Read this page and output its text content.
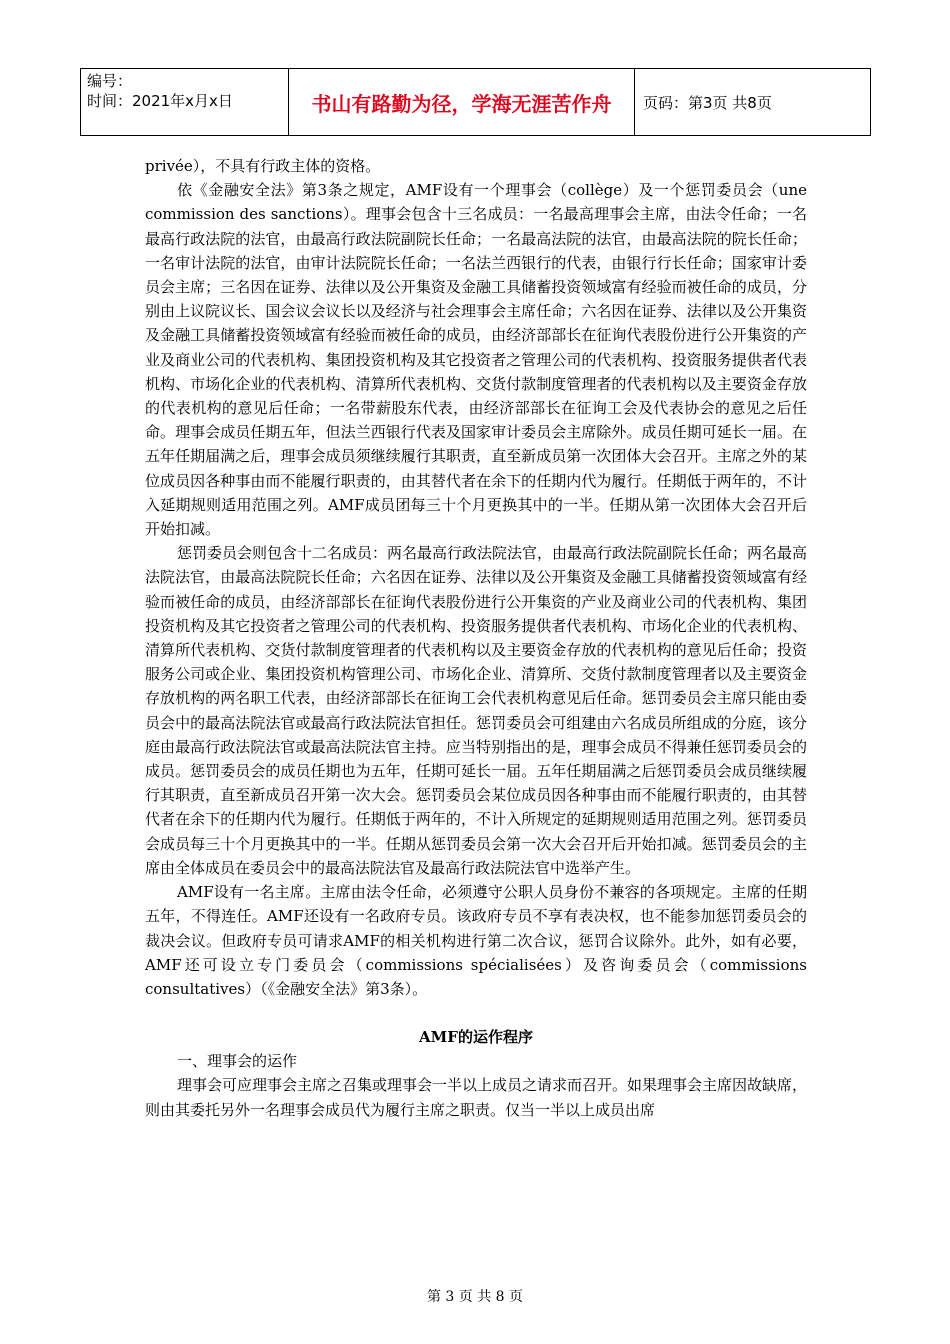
编号：
时间：2021年x月x日	书山有路勤为径，学海无涯苦作舟	页码：第3页 共8页

privée），不具有行政主体的资格。

依《金融安全法》第3条之规定，AMF设有一个理事会（collège）及一个惩罚委员会（une commission des sanctions）。理事会包含十三名成员：一名最高理事会主席，由法令任命；一名最高行政法院的法官，由最高行政法院副院长任命；一名最高法院的法官，由最高法院的院长任命；一名审计法院的法官，由审计法院院长任命；一名法兰西银行的代表，由银行行长任命；国家审计委员会主席；三名因在证券、法律以及公开集资及金融工具储蓄投资领域富有经验而被任命的成员，分别由上议院议长、国会议会议长以及经济与社会理事会主席任命；六名因在证券、法律以及公开集资及金融工具储蓄投资领域富有经验而被任命的成员，由经济部部长在征询代表股份进行公开集资的产业及商业公司的代表机构、集团投资机构及其它投资者之管理公司的代表机构、投资服务提供者代表机构、市场化企业的代表机构、清算所代表机构、交货付款制度管理者的代表机构以及主要资金存放的代表机构的意见后任命；一名带薪股东代表，由经济部部长在征询工会及代表协会的意见之后任命。理事会成员任期五年，但法兰西银行代表及国家审计委员会主席除外。成员任期可延长一届。在五年任期届满之后，理事会成员须继续履行其职责，直至新成员第一次团体大会召开。主席之外的某位成员因各种事由而不能履行职责的，由其替代者在余下的任期内代为履行。任期低于两年的，不计入延期规则适用范围之列。AMF成员团每三十个月更换其中的一半。任期从第一次团体大会召开后开始扣减。

惩罚委员会则包含十二名成员：两名最高行政法院法官，由最高行政法院副院长任命；两名最高法院法官，由最高法院院长任命；六名因在证券、法律以及公开集资及金融工具储蓄投资领域富有经验而被任命的成员，由经济部部长在征询代表股份进行公开集资的产业及商业公司的代表机构、集团投资机构及其它投资者之管理公司的代表机构、投资服务提供者代表机构、市场化企业的代表机构、清算所代表机构、交货付款制度管理者的代表机构以及主要资金存放的代表机构的意见后任命；投资服务公司或企业、集团投资机构管理公司、市场化企业、清算所、交货付款制度管理者以及主要资金存放机构的两名职工代表，由经济部部长在征询工会代表机构意见后任命。惩罚委员会主席只能由委员会中的最高法院法官或最高行政法院法官担任。惩罚委员会可组建由六名成员所组成的分庭，该分庭由最高行政法院法官或最高法院法官主持。应当特别指出的是，理事会成员不得兼任惩罚委员会的成员。惩罚委员会的成员任期也为五年，任期可延长一届。五年任期届满之后惩罚委员会成员继续履行其职责，直至新成员召开第一次大会。惩罚委员会某位成员因各种事由而不能履行职责的，由其替代者在余下的任期内代为履行。任期低于两年的，不计入所规定的延期规则适用范围之列。惩罚委员会成员每三十个月更换其中的一半。任期从惩罚委员会第一次大会召开后开始扣减。惩罚委员会的主席由全体成员在委员会中的最高法院法官及最高行政法院法官中选举产生。

AMF设有一名主席。主席由法令任命，必须遵守公职人员身份不兼容的各项规定。主席的任期五年，不得连任。AMF还设有一名政府专员。该政府专员不享有表决权，也不能参加惩罚委员会的裁决会议。但政府专员可请求AMF的相关机构进行第二次合议，惩罚合议除外。此外，如有必要，AMF还可设立专门委员会（commissions spécialisées）及咨询委员会（commissions consultatives）（《金融安全法》第3条）。

AMF的运作程序

一、理事会的运作

理事会可应理事会主席之召集或理事会一半以上成员之请求而召开。如果理事会主席因故缺席，则由其委托另外一名理事会成员代为履行主席之职责。仅当一半以上成员出席

第 3 页 共 8 页
